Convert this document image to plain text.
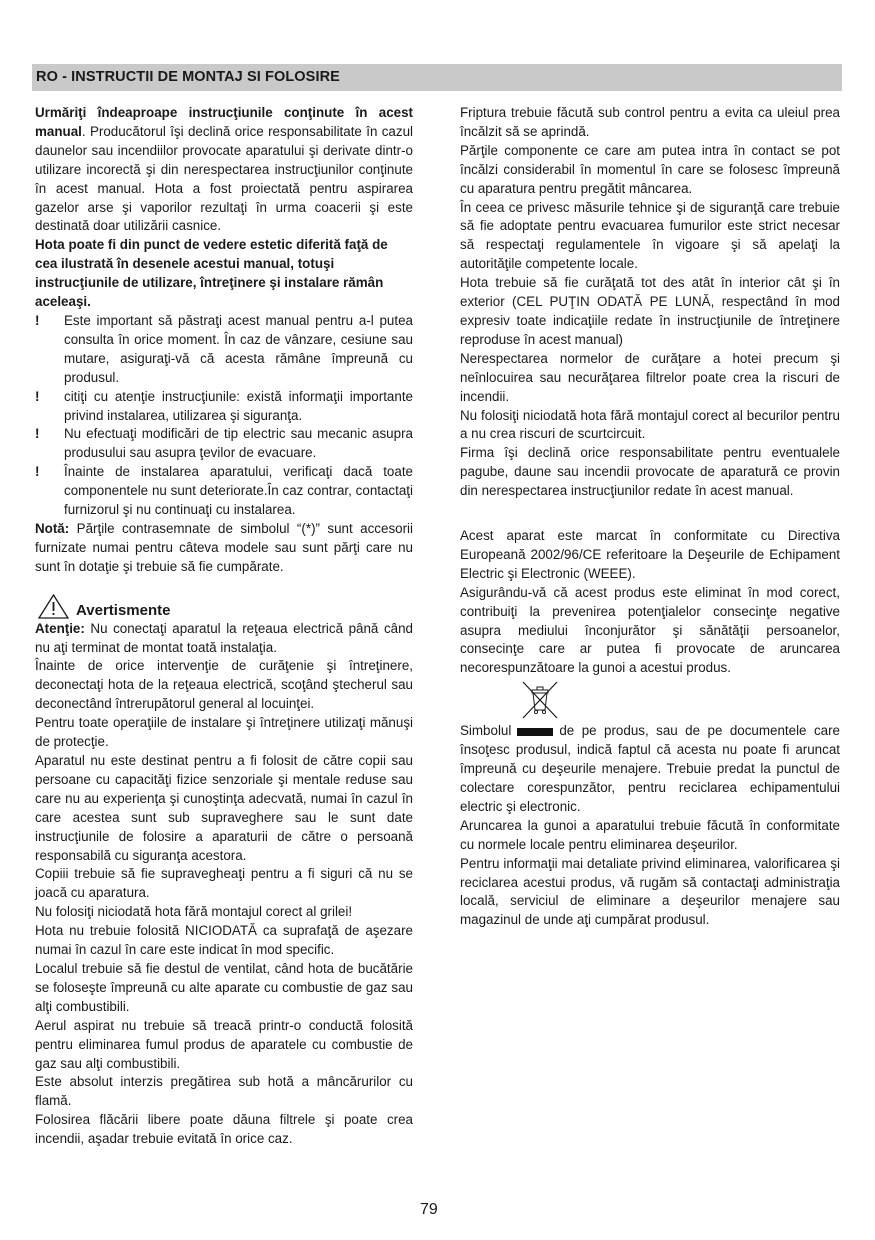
RO - INSTRUCTII DE MONTAJ SI FOLOSIRE

Urmăriţi îndeaproape instrucţiunile conţinute în acest manual. Producătorul îşi declină orice responsabilitate în cazul daunelor sau incendiilor provocate aparatului şi derivate dintr-o utilizare incorectă şi din nerespectarea instrucţiunilor conţinute în acest manual. Hota a fost proiectată pentru aspirarea gazelor arse şi vaporilor rezultaţi în urma coacerii şi este destinată doar utilizării casnice.

Hota poate fi din punct de vedere estetic diferită faţă de cea ilustrată în desenele acestui manual, totuşi instrucţiunile de utilizare, întreţinere şi instalare rămân aceleaşi.

!	Este important să păstraţi acest manual pentru a-l putea consulta în orice moment. În caz de vânzare, cesiune sau mutare, asiguraţi-vă că acesta rămâne împreună cu produsul.
!	citiţi cu atenţie instrucţiunile: există informaţii importante privind instalarea, utilizarea şi siguranţa.
!	Nu efectuaţi modificări de tip electric sau mecanic asupra produsului sau asupra ţevilor de evacuare.
!	Înainte de instalarea aparatului, verificaţi dacă toate componentele nu sunt deteriorate.În caz contrar, contactaţi furnizorul şi nu continuaţi cu instalarea.

Notă: Părţile contrasemnate de simbolul “(*)” sunt accesorii furnizate numai pentru câteva modele sau sunt părţi care nu sunt în dotaţie şi trebuie să fie cumpărate.

Avertismente

Atenţie: Nu conectaţi aparatul la reţeaua electrică până când nu aţi terminat de montat toată instalaţia.

Înainte de orice intervenţie de curăţenie şi întreţinere, deconectaţi hota de la reţeaua electrică, scoţând ştecherul sau deconectând întrerupătorul general al locuinţei.

Pentru toate operaţiile de instalare şi întreţinere utilizaţi mănuşi de protecţie.

Aparatul nu este destinat pentru a fi folosit de către copii sau persoane cu capacităţi fizice senzoriale şi mentale reduse sau care nu au experienţa şi cunoştinţa adecvată, numai în cazul în care acestea sunt sub supraveghere sau le sunt date instrucţiunile de folosire a aparaturii de către o persoană responsabilă cu siguranţa acestora.

Copiii trebuie să fie supravegheaţi pentru a fi siguri că nu se joacă cu aparatura.

Nu folosiţi niciodată hota fără montajul corect al grilei!

Hota nu trebuie folosită NICIODATĂ ca suprafaţă de aşezare numai în cazul în care este indicat în mod specific.

Localul trebuie să fie destul de ventilat, când hota de bucătărie se foloseşte împreună cu alte aparate cu combustie de gaz sau alţi combustibili.

Aerul aspirat nu trebuie să treacă printr-o conductă folosită pentru eliminarea fumul produs de aparatele cu combustie de gaz sau alţi combustibili.

Este absolut interzis pregătirea sub hotă a mâncărurilor cu flamă.

Folosirea flăcării libere poate dăuna filtrele şi poate crea incendii, aşadar trebuie evitată în orice caz.

Friptura trebuie făcută sub control pentru a evita ca uleiul prea încălzit să se aprindă.

Părţile componente ce care am putea intra în contact se pot încălzi considerabil în momentul în care se folosesc împreună cu aparatura pentru pregătit mâncarea.

În ceea ce privesc măsurile tehnice şi de siguranţă care trebuie să fie adoptate pentru evacuarea fumurilor este strict necesar să respectaţi regulamentele în vigoare şi să apelaţi la autorităţile competente locale.

Hota trebuie să fie curăţată tot des atât în interior cât şi în exterior (CEL PUŢIN ODATĂ PE LUNĂ, respectând în mod expresiv toate indicaţiile redate în instrucţiunile de întreţinere reproduse în acest manual)

Nerespectarea normelor de curăţare a hotei precum şi neînlocuirea sau necurăţarea filtrelor poate crea la riscuri de incendii.

Nu folosiţi niciodată hota fără montajul corect al becurilor pentru a nu crea riscuri de scurtcircuit.

Firma îşi declină orice responsabilitate pentru eventualele pagube, daune sau incendii provocate de aparatură ce provin din nerespectarea instrucţiunilor redate în acest manual.

Acest aparat este marcat în conformitate cu Directiva Europeană 2002/96/CE referitoare la Deşeurile de Echipament Electric şi Electronic (WEEE).

Asigurându-vă că acest produs este eliminat în mod corect, contribuiţi la prevenirea potenţialelor consecinţe negative asupra mediului înconjurător şi sănătăţii persoanelor, consecinţe care ar putea fi provocate de aruncarea necorespunzătoare la gunoi a acestui produs.

Simbolul	de pe produs, sau de pe documentele care însoţesc produsul, indică faptul că acesta nu poate fi aruncat împreună cu deşeurile menajere. Trebuie predat la punctul de colectare corespunzător, pentru reciclarea echipamentului electric şi electronic.

Aruncarea la gunoi a aparatului trebuie făcută în conformitate cu normele locale pentru eliminarea deşeurilor.

Pentru informaţii mai detaliate privind eliminarea, valorificarea şi reciclarea acestui produs, vă rugăm să contactaţi administraţia locală, serviciul de eliminare a deşeurilor menajere sau magazinul de unde aţi cumpărat produsul.

79
